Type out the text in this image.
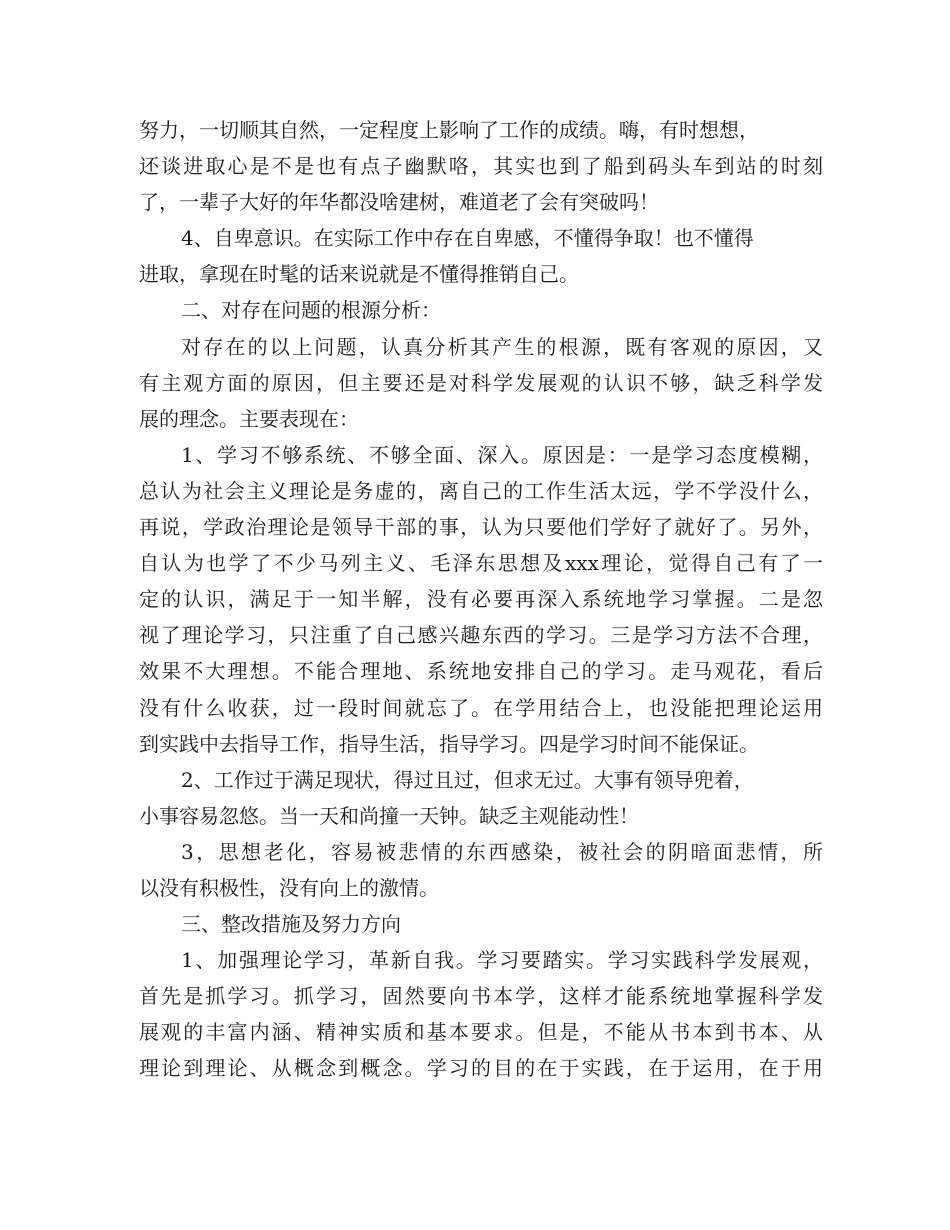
努力，一切顺其自然，一定程度上影响了工作的成绩。嗨，有时想想，
还谈进取心是不是也有点子幽默咯，其实也到了船到码头车到站的时刻
了，一辈子大好的年华都没啥建树，难道老了会有突破吗！
4、自卑意识。在实际工作中存在自卑感，不懂得争取！也不懂得
进取，拿现在时髦的话来说就是不懂得推销自己。
二、对存在问题的根源分析：
对存在的以上问题，认真分析其产生的根源，既有客观的原因，又
有主观方面的原因，但主要还是对科学发展观的认识不够，缺乏科学发
展的理念。主要表现在：
1、学习不够系统、不够全面、深入。原因是：一是学习态度模糊，
总认为社会主义理论是务虚的，离自己的工作生活太远，学不学没什么，
再说，学政治理论是领导干部的事，认为只要他们学好了就好了。另外，
自认为也学了不少马列主义、毛泽东思想及xxx理论，觉得自己有了一
定的认识，满足于一知半解，没有必要再深入系统地学习掌握。二是忽
视了理论学习，只注重了自己感兴趣东西的学习。三是学习方法不合理，
效果不大理想。不能合理地、系统地安排自己的学习。走马观花，看后
没有什么收获，过一段时间就忘了。在学用结合上，也没能把理论运用
到实践中去指导工作，指导生活，指导学习。四是学习时间不能保证。
2、工作过于满足现状，得过且过，但求无过。大事有领导兜着，
小事容易忽悠。当一天和尚撞一天钟。缺乏主观能动性！
3，思想老化，容易被悲情的东西感染，被社会的阴暗面悲情，所
以没有积极性，没有向上的激情。
三、整改措施及努力方向
1、加强理论学习，革新自我。学习要踏实。学习实践科学发展观，
首先是抓学习。抓学习，固然要向书本学，这样才能系统地掌握科学发
展观的丰富内涵、精神实质和基本要求。但是，不能从书本到书本、从
理论到理论、从概念到概念。学习的目的在于实践，在于运用，在于用
